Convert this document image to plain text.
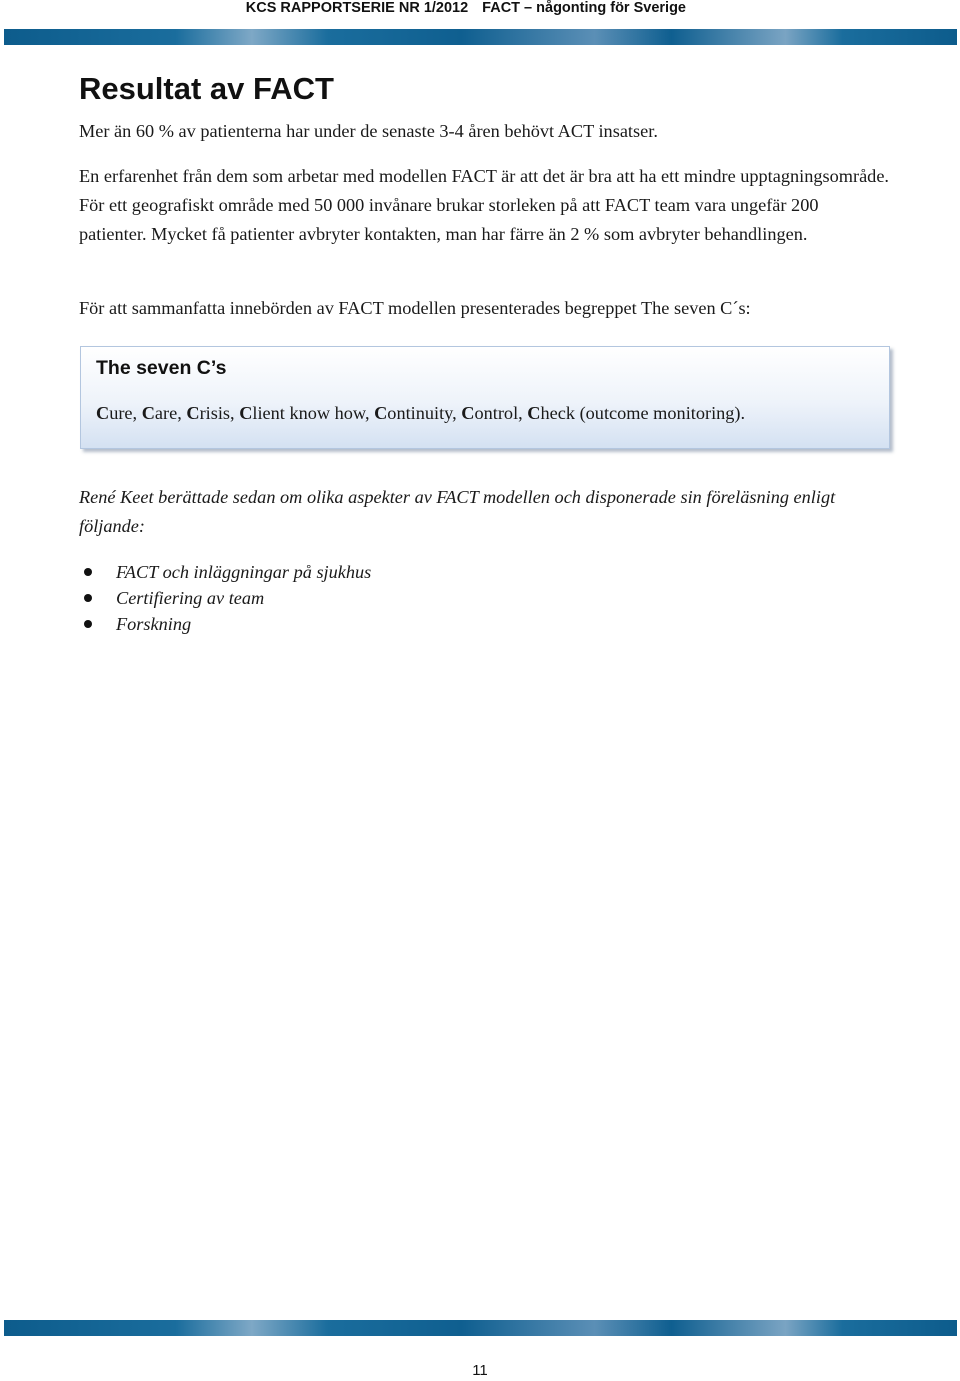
KCS RAPPORTSERIE NR 1/2012 FACT – någonting för Sverige
Resultat av FACT

Mer än 60 % av patienterna har under de senaste 3-4 åren behövt ACT insatser.

En erfarenhet från dem som arbetar med modellen FACT är att det är bra att ha ett mindre upptagningsområde. För ett geografiskt område med 50 000 invånare brukar storleken på att FACT team vara ungefär 200 patienter. Mycket få patienter avbryter kontakten, man har färre än 2 % som avbryter behandlingen.

För att sammanfatta innebörden av FACT modellen presenterades begreppet The seven C´s:

The seven C’s
Cure, Care, Crisis, Client know how, Continuity, Control, Check (outcome monitoring).

René Keet berättade sedan om olika aspekter av FACT modellen och disponerade sin föreläsning enligt följande:

FACT och inläggningar på sjukhus
Certifiering av team
Forskning
11
